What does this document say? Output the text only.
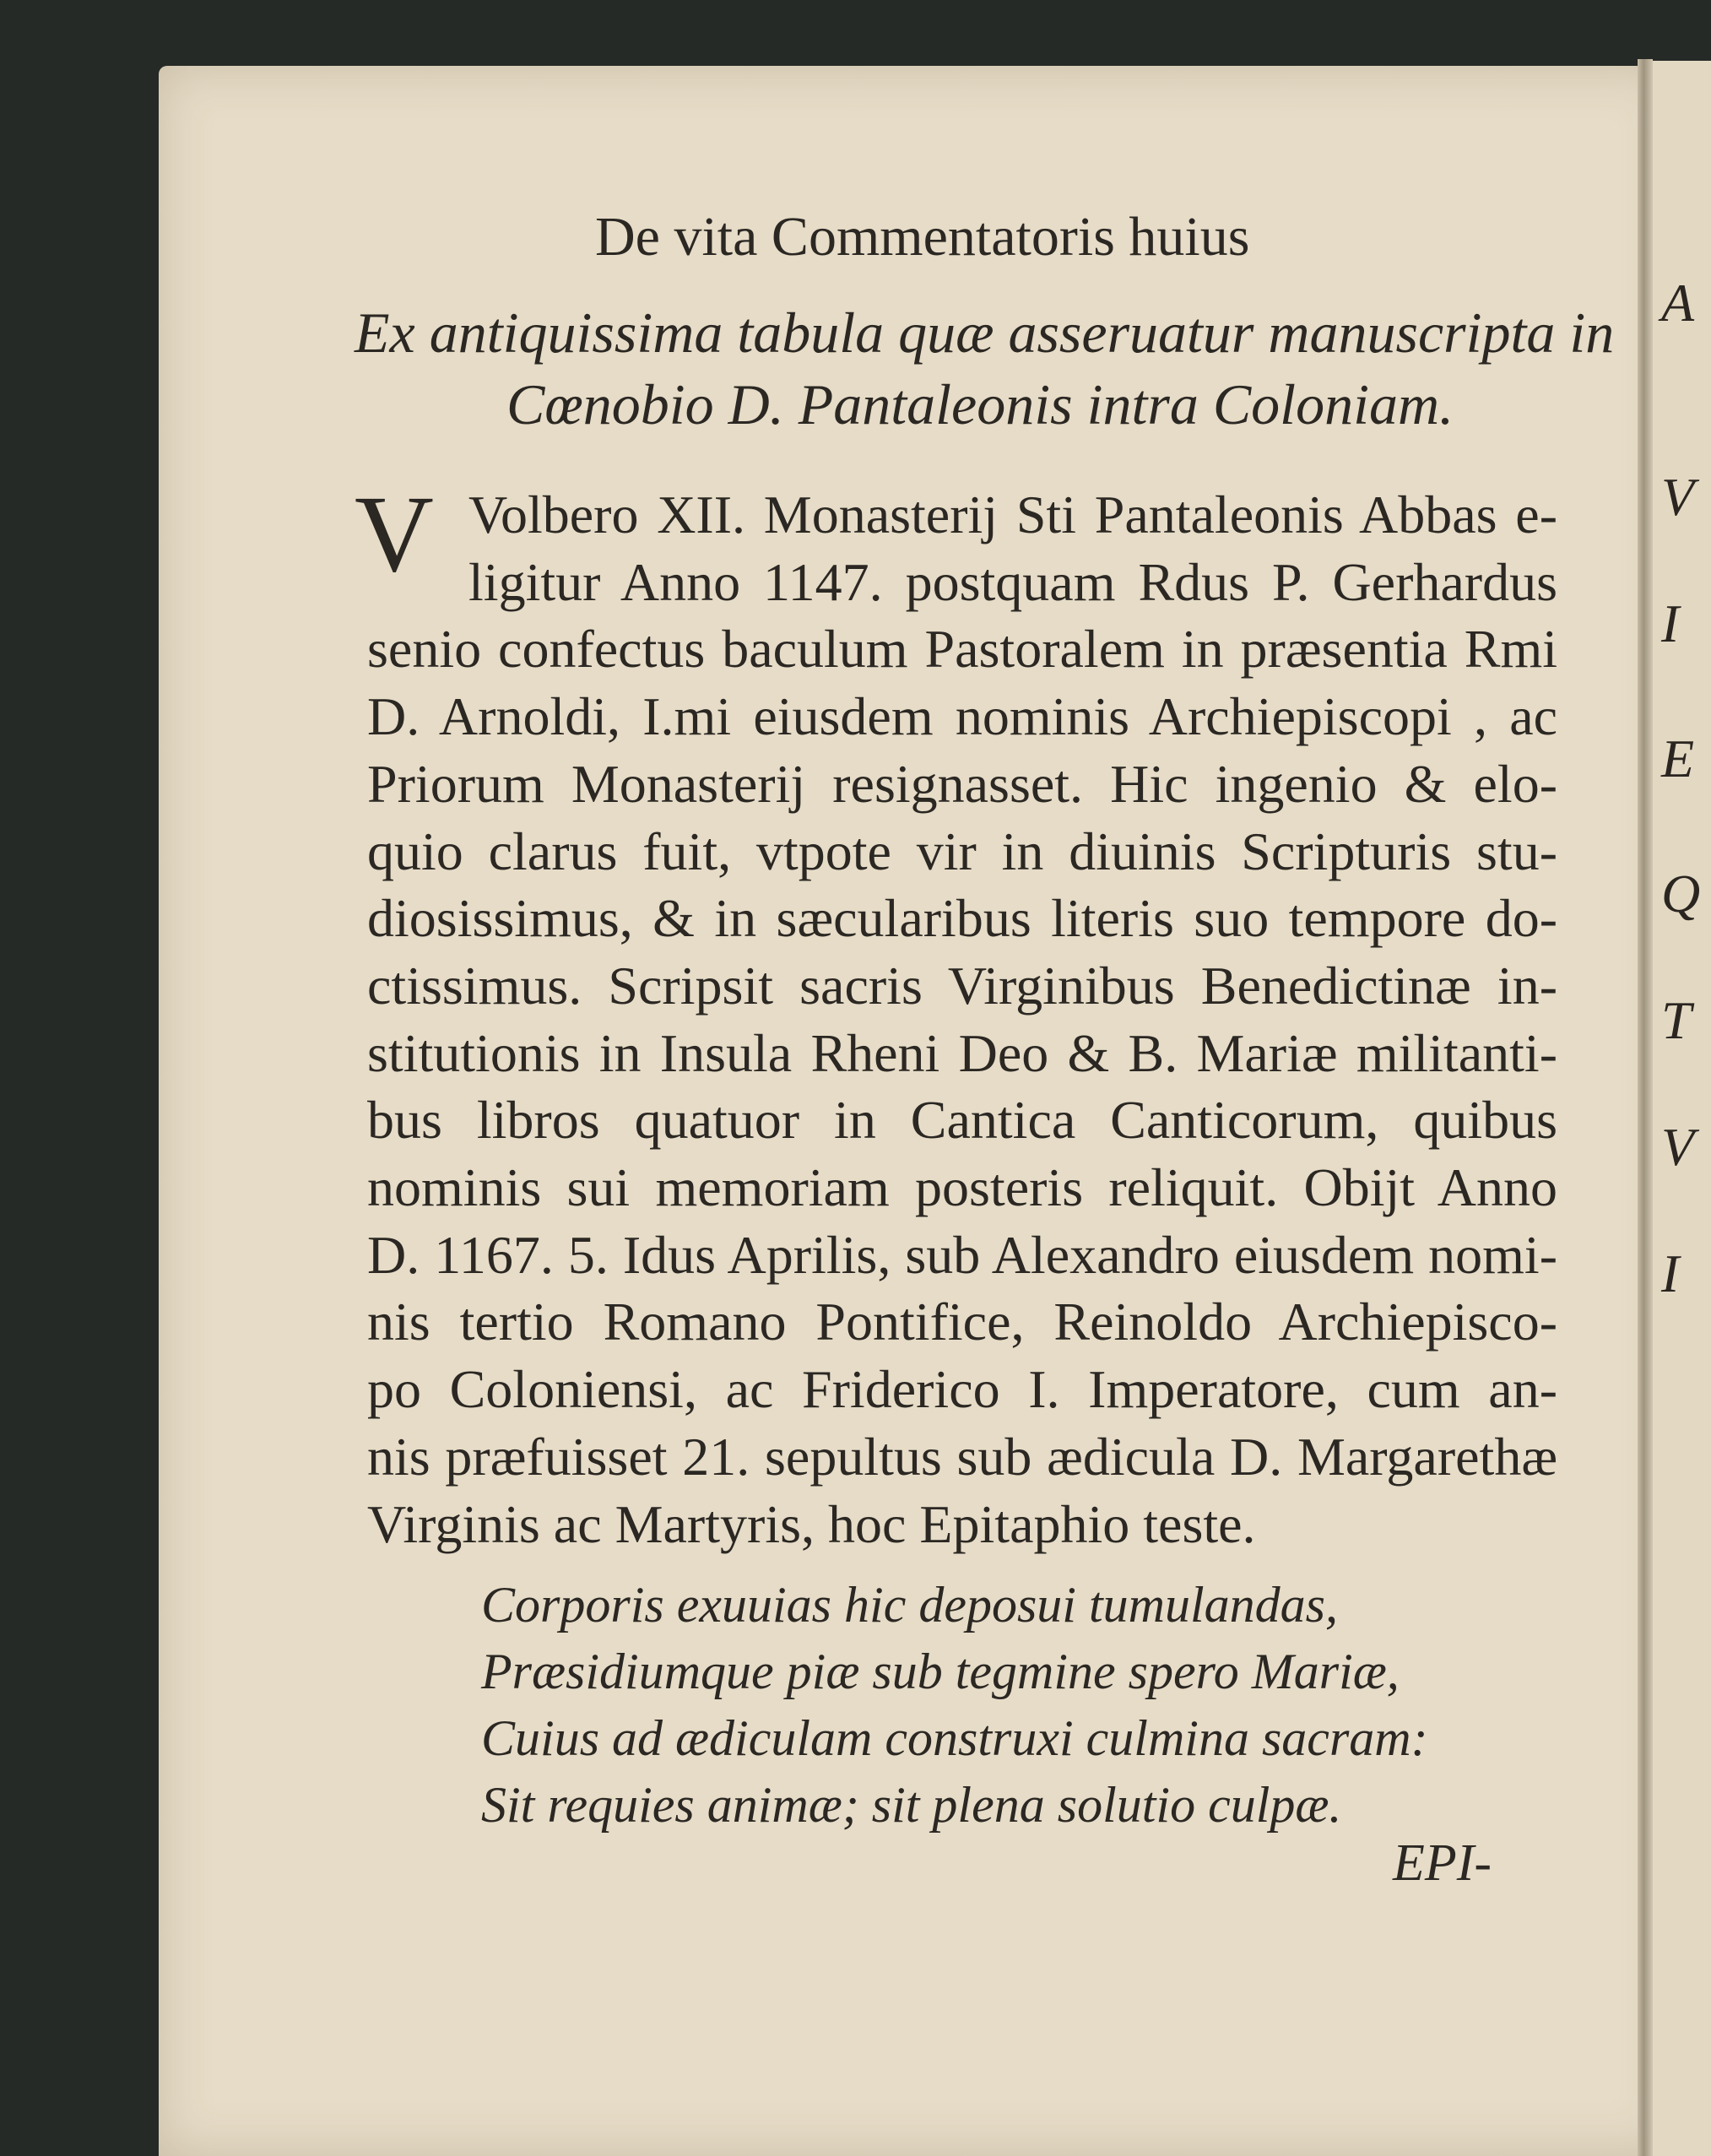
A
V
I
E
Q
T
V
I
De vita Commentatoris huius
Ex antiquissima tabula quæ asseruatur manuscripta in
Cœnobio D. Pantaleonis intra Coloniam.
V Volbero XII. Monasterij Sti Pantaleonis Abbas e-
ligitur Anno 1147. postquam Rdus P. Gerhardus
senio confectus baculum Pastoralem in præsentia Rmi
D. Arnoldi, I.mi eiusdem nominis Archiepiscopi , ac
Priorum Monasterij resignasset. Hic ingenio & elo-
quio clarus fuit, vtpote vir in diuinis Scripturis stu-
diosissimus, & in sæcularibus literis suo tempore do-
ctissimus. Scripsit sacris Virginibus Benedictinæ in-
stitutionis in Insula Rheni Deo & B. Mariæ militanti-
bus libros quatuor in Cantica Canticorum, quibus
nominis sui memoriam posteris reliquit. Obijt Anno
D. 1167. 5. Idus Aprilis, sub Alexandro eiusdem nomi-
nis tertio Romano Pontifice, Reinoldo Archiepisco-
po Coloniensi, ac Friderico I. Imperatore, cum an-
nis præfuisset 21. sepultus sub ædicula D. Margarethæ
Virginis ac Martyris, hoc Epitaphio teste.
Corporis exuuias hic deposui tumulandas,
Præsidiumque piæ sub tegmine spero Mariæ,
Cuius ad ædiculam construxi culmina sacram:
Sit requies animæ; sit plena solutio culpæ.
EPI-
